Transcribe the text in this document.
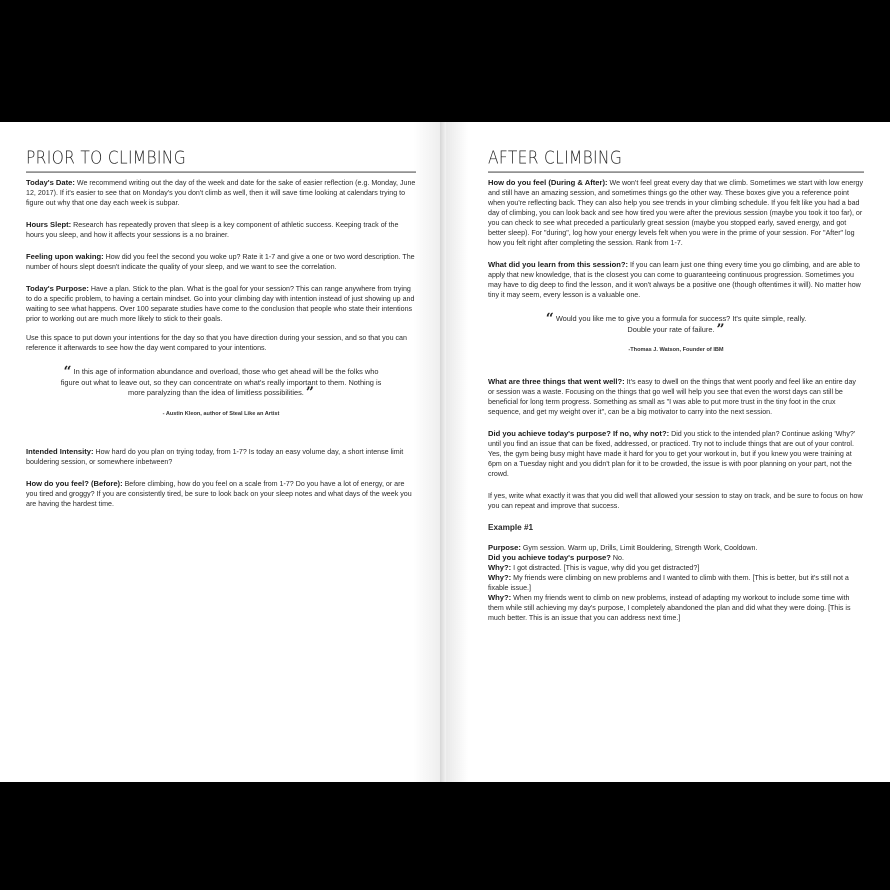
PRIOR TO CLIMBING

Today's Date: We recommend writing out the day of the week and date for the sake of easier reflection (e.g. Monday, June 12, 2017). If it's easier to see that on Monday's you don't climb as well, then it will save time looking at calendars trying to figure out why that one day each week is subpar.

Hours Slept: Research has repeatedly proven that sleep is a key component of athletic success. Keeping track of the hours you sleep, and how it affects your sessions is a no brainer.

Feeling upon waking: How did you feel the second you woke up? Rate it 1-7 and give a one or two word description. The number of hours slept doesn't indicate the quality of your sleep, and we want to see the correlation.

Today's Purpose: Have a plan. Stick to the plan. What is the goal for your session? This can range anywhere from trying to do a specific problem, to having a certain mindset. Go into your climbing day with intention instead of just showing up and waiting to see what happens. Over 100 separate studies have come to the conclusion that people who state their intentions prior to working out are much more likely to stick to their goals.

Use this space to put down your intentions for the day so that you have direction during your session, and so that you can reference it afterwards to see how the day went compared to your intentions.

“ In this age of information abundance and overload, those who get ahead will be the folks who figure out what to leave out, so they can concentrate on what's really important to them. Nothing is more paralyzing than the idea of limitless possibilities. ”
- Austin Kleon, author of Steal Like an Artist

Intended Intensity: How hard do you plan on trying today, from 1-7? Is today an easy volume day, a short intense limit bouldering session, or somewhere inbetween?

How do you feel? (Before): Before climbing, how do you feel on a scale from 1-7? Do you have a lot of energy, or are you tired and groggy? If you are consistently tired, be sure to look back on your sleep notes and what days of the week you are having the hardest time.

AFTER CLIMBING

How do you feel (During & After): We won't feel great every day that we climb. Sometimes we start with low energy and still have an amazing session, and sometimes things go the other way. These boxes give you a reference point when you're reflecting back. They can also help you see trends in your climbing schedule. If you felt like you had a bad day of climbing, you can look back and see how tired you were after the previous session (maybe you took it too far), or you can check to see what preceded a particularly great session (maybe you stopped early, saved energy, and got better sleep). For "during", log how your energy levels felt when you were in the prime of your session. For "After" log how you felt right after completing the session. Rank from 1-7.

What did you learn from this session?: If you can learn just one thing every time you go climbing, and are able to apply that new knowledge, that is the closest you can come to guaranteeing continuous progression. Sometimes you may have to dig deep to find the lesson, and it won't always be a positive one (though oftentimes it will). No matter how tiny it may seem, every lesson is a valuable one.

“ Would you like me to give you a formula for success? It's quite simple, really. Double your rate of failure. ”
-Thomas J. Watson, Founder of IBM

What are three things that went well?: It's easy to dwell on the things that went poorly and feel like an entire day or session was a waste. Focusing on the things that go well will help you see that even the worst days can still be beneficial for long term progress. Something as small as "I was able to put more trust in the tiny foot in the crux sequence, and get my weight over it", can be a big motivator to carry into the next session.

Did you achieve today's purpose? If no, why not?: Did you stick to the intended plan? Continue asking 'Why?' until you find an issue that can be fixed, addressed, or practiced. Try not to include things that are out of your control. Yes, the gym being busy might have made it hard for you to get your workout in, but if you knew you were training at 6pm on a Tuesday night and you didn't plan for it to be crowded, the issue is with poor planning on your part, not the crowd.

If yes, write what exactly it was that you did well that allowed your session to stay on track, and be sure to focus on how you can repeat and improve that success.

Example #1

Purpose: Gym session. Warm up, Drills, Limit Bouldering, Strength Work, Cooldown.

Did you achieve today's purpose? No.

Why?: I got distracted. [This is vague, why did you get distracted?]

Why?: My friends were climbing on new problems and I wanted to climb with them. [This is better, but it's still not a fixable issue.]

Why?: When my friends went to climb on new problems, instead of adapting my workout to include some time with them while still achieving my day's purpose, I completely abandoned the plan and did what they were doing. [This is much better. This is an issue that you can address next time.]
